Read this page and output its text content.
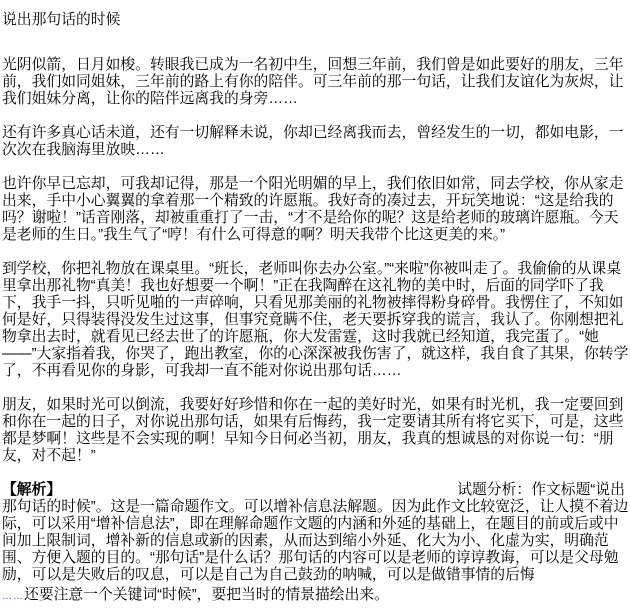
说出那句话的时候

光阴似箭，日月如梭。转眼我已成为一名初中生，回想三年前，我们曾是如此要好的朋友，三年前，我们如同姐妹，三年前的路上有你的陪伴。可三年前的那一句话，让我们友谊化为灰烬，让我们姐妹分离，让你的陪伴远离我的身旁……

还有许多真心话未道，还有一切解释未说，你却已经离我而去，曾经发生的一切，都如电影，一次次在我脑海里放映……

也许你早已忘却，可我却记得，那是一个阳光明媚的早上，我们依旧如常，同去学校，你从家走出来，手中小心翼翼的拿着那一个精致的许愿瓶。我好奇的凑过去，开玩笑地说：“这是给我的吗？谢啦！”话音刚落，却被重重打了一击，“才不是给你的呢？这是给老师的玻璃许愿瓶。今天是老师的生日。”我生气了“哼！有什么可得意的啊？明天我带个比这更美的来。”

到学校，你把礼物放在课桌里。“班长，老师叫你去办公室。”“来啦”你被叫走了。我偷偷的从课桌里拿出那礼物“真美！我也好想要一个啊！”正在我陶醉在这礼物的美中时，后面的同学吓了我下，我手一抖，只听见啪的一声碎响，只看见那美丽的礼物被摔得粉身碎骨。我愣住了，不知如何是好，只得装得没发生过这事，但事究竟瞒不住，老天要拆穿我的谎言，我认了。你刚想把礼物拿出去时，就看见已经去世了的许愿瓶，你大发雷霆，这时我就已经知道，我完蛋了。“她——”大家指着我，你哭了，跑出教室，你的心深深被我伤害了，就这样，我自食了其果，你转学了，不再看见你的身影，可我却一直不能对你说出那句话……

朋友，如果时光可以倒流，我要好好珍惜和你在一起的美好时光，如果有时光机，我一定要回到和你在一起的日子，对你说出那句话，如果有后悔药，我一定要请其所有将它买下，可是，这些都是梦啊！这些是不会实现的啊！早知今日何必当初，朋友，我真的想诚恳的对你说一句：“朋友，对不起！”

【解析】	试题分析：作文标题“说出那句话的时候”。这是一篇命题作文。可以增补信息法解题。因为此作文比较宽泛，让人摸不着边际，可以采用“增补信息法”，即在理解命题作文题的内涵和外延的基础上，在题目的前或后或中间加上限制词，增补新的信息或新的因素，从而达到缩小外延、化大为小、化虚为实，明确范围、方便入题的目的。“那句话”是什么话？那句话的内容可以是老师的谆谆教诲，可以是父母勉励，可以是失败后的叹息，可以是自己为自己鼓劲的呐喊，可以是做错事情的后悔

……还要注意一个关键词“时候”，要把当时的情景描绘出来。
